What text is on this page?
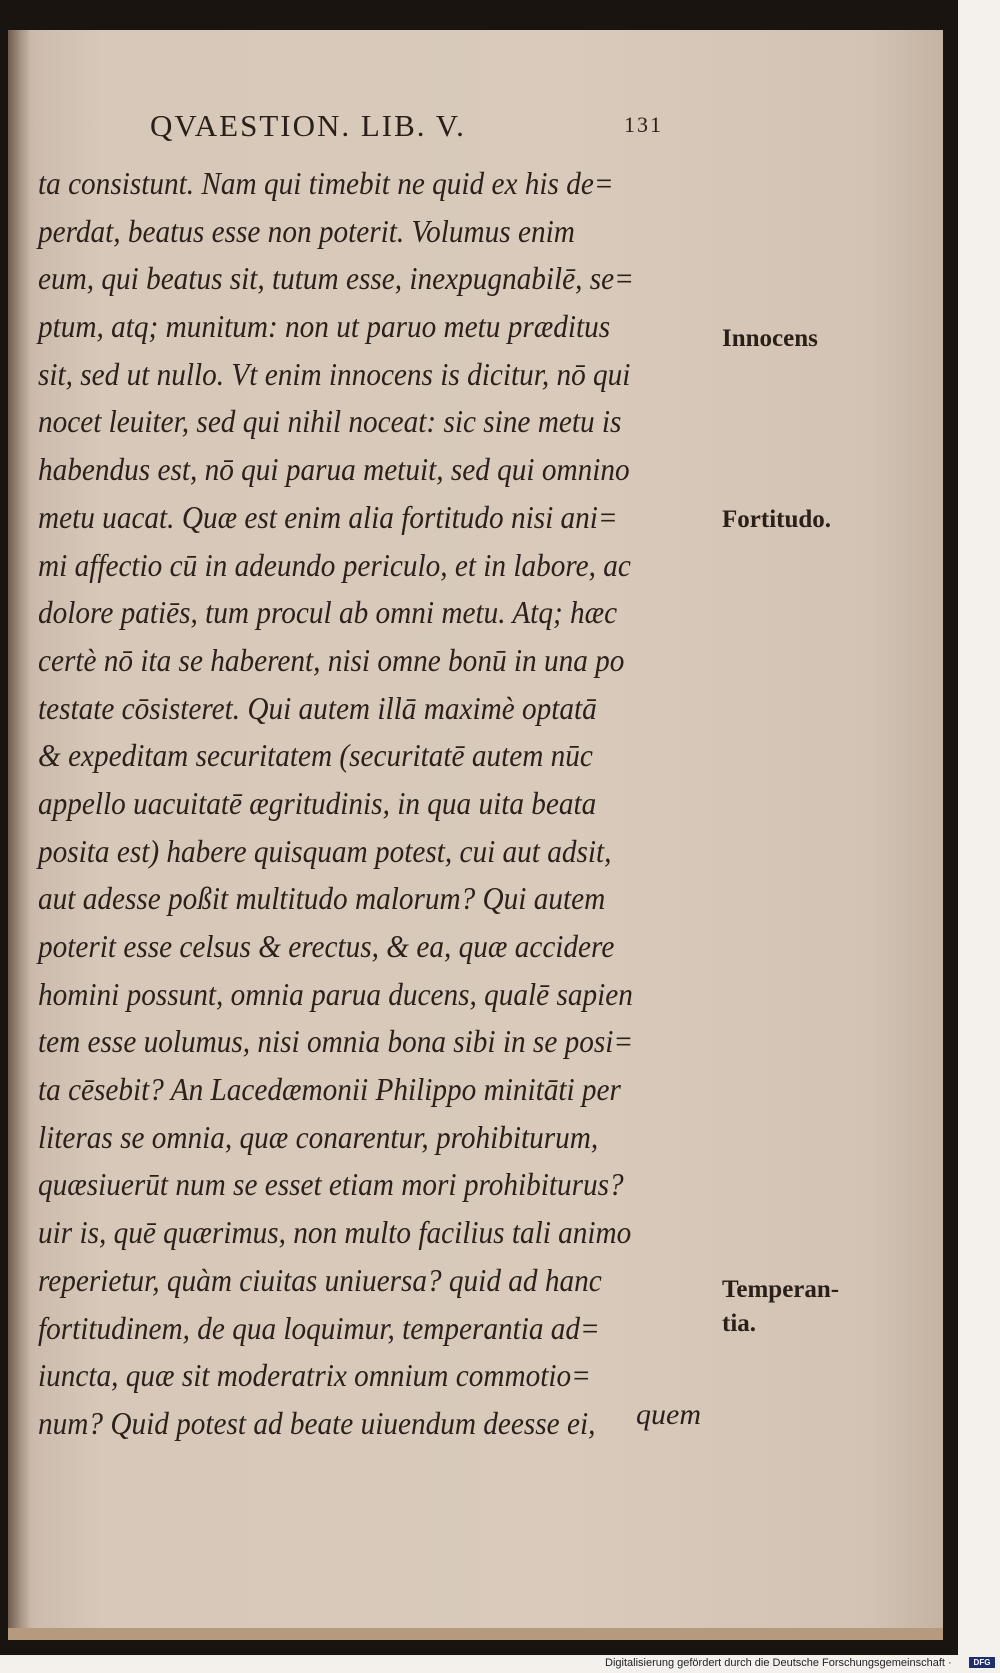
QVAESTION. LIB. V.	131
ta consistunt. Nam qui timebit ne quid ex his de=
perdat, beatus esse non poterit. Volumus enim
eum, qui beatus sit, tutum esse, inexpugnabilē, se=
ptum, atq; munitum: non ut paruo metu præditus
sit, sed ut nullo. Vt enim innocens is dicitur, nō qui
nocet leuiter, sed qui nihil noceat: sic sine metu is
habendus est, nō qui parua metuit, sed qui omnino
metu uacat. Quæ est enim alia fortitudo nisi ani=
mi affectio cū in adeundo periculo, et in labore, ac
dolore patiēs, tum procul ab omni metu. Atq; hæc
certè nō ita se haberent, nisi omne bonū in una po
testate cōsisteret. Qui autem illā maximè optatā
& expeditam securitatem (securitatē autem nūc
appello uacuitatē ægritudinis, in qua uita beata
posita est) habere quisquam potest, cui aut adsit,
aut adesse poßit multitudo malorum? Qui autem
poterit esse celsus & erectus, & ea, quæ accidere
homini possunt, omnia parua ducens, qualē sapien
tem esse uolumus, nisi omnia bona sibi in se posi=
ta cēsebit? An Lacedæmonii Philippo minitāti per
literas se omnia, quæ conarentur, prohibiturum,
quæsiuerūt num se esset etiam mori prohibiturus?
uir is, quē quærimus, non multo facilius tali animo
reperietur, quàm ciuitas uniuersa? quid ad hanc
fortitudinem, de qua loquimur, temperantia ad=
iuncta, quæ sit moderatrix omnium commotio=
num? Quid potest ad beate uiuendum deesse ei,
Innocens
Fortitudo.
Temperan-
tia.
quem
Digitalisierung gefördert durch die Deutsche Forschungsgemeinschaft ·	DFG
